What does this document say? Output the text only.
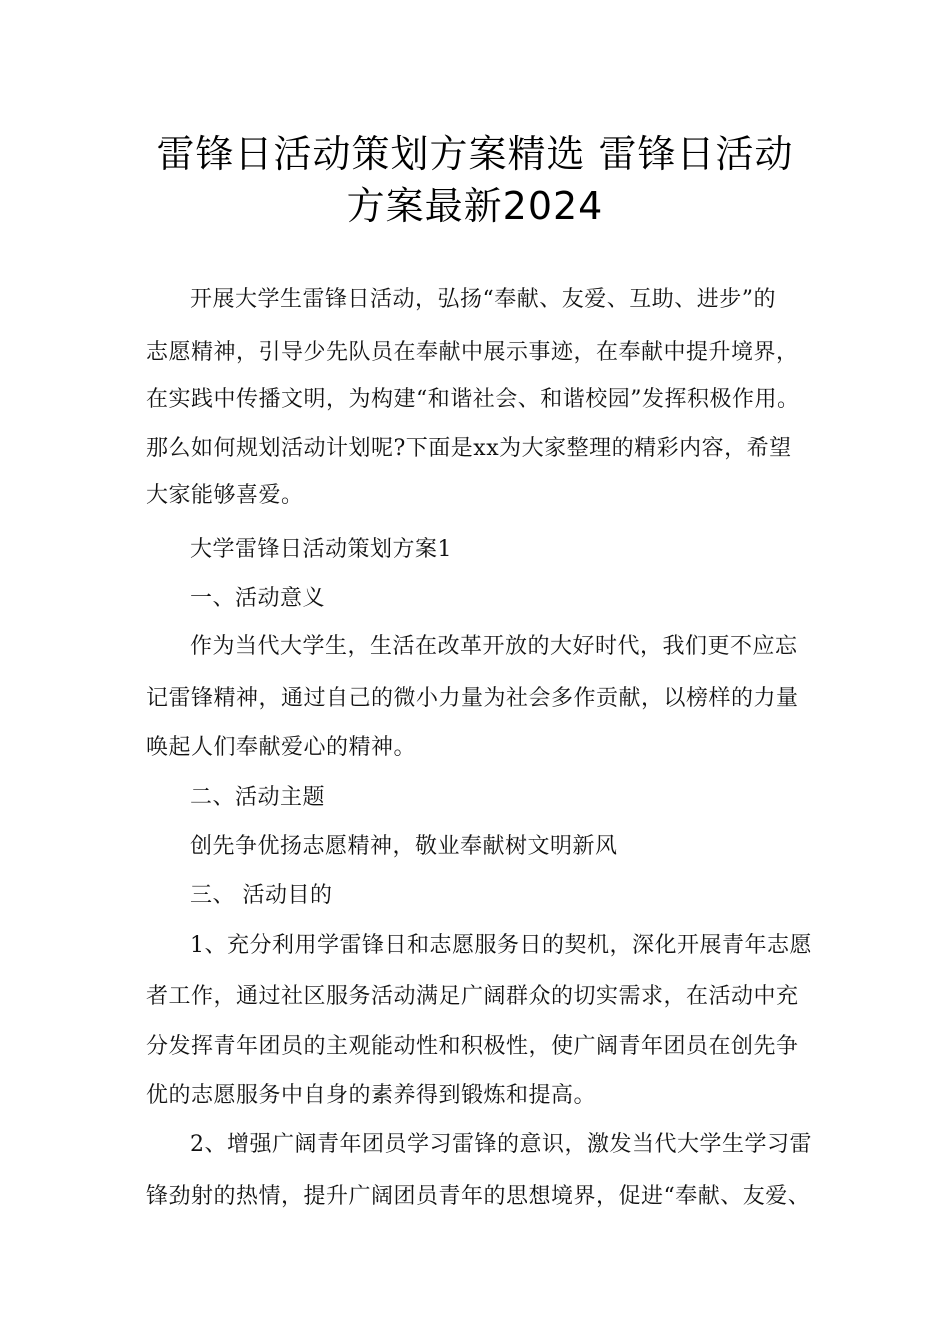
雷锋日活动策划方案精选 雷锋日活动
方案最新2024
开展大学生雷锋日活动，弘扬“奉献、友爱、互助、进步”的
志愿精神，引导少先队员在奉献中展示事迹，在奉献中提升境界，
在实践中传播文明，为构建“和谐社会、和谐校园”发挥积极作用。
那么如何规划活动计划呢?下面是xx为大家整理的精彩内容，希望
大家能够喜爱。
大学雷锋日活动策划方案1
一、活动意义
作为当代大学生，生活在改革开放的大好时代，我们更不应忘
记雷锋精神，通过自己的微小力量为社会多作贡献，以榜样的力量
唤起人们奉献爱心的精神。
二、活动主题
创先争优扬志愿精神，敬业奉献树文明新风
三、 活动目的
1、充分利用学雷锋日和志愿服务日的契机，深化开展青年志愿
者工作，通过社区服务活动满足广阔群众的切实需求，在活动中充
分发挥青年团员的主观能动性和积极性，使广阔青年团员在创先争
优的志愿服务中自身的素养得到锻炼和提高。
2、增强广阔青年团员学习雷锋的意识，激发当代大学生学习雷
锋劲射的热情，提升广阔团员青年的思想境界，促进“奉献、友爱、
